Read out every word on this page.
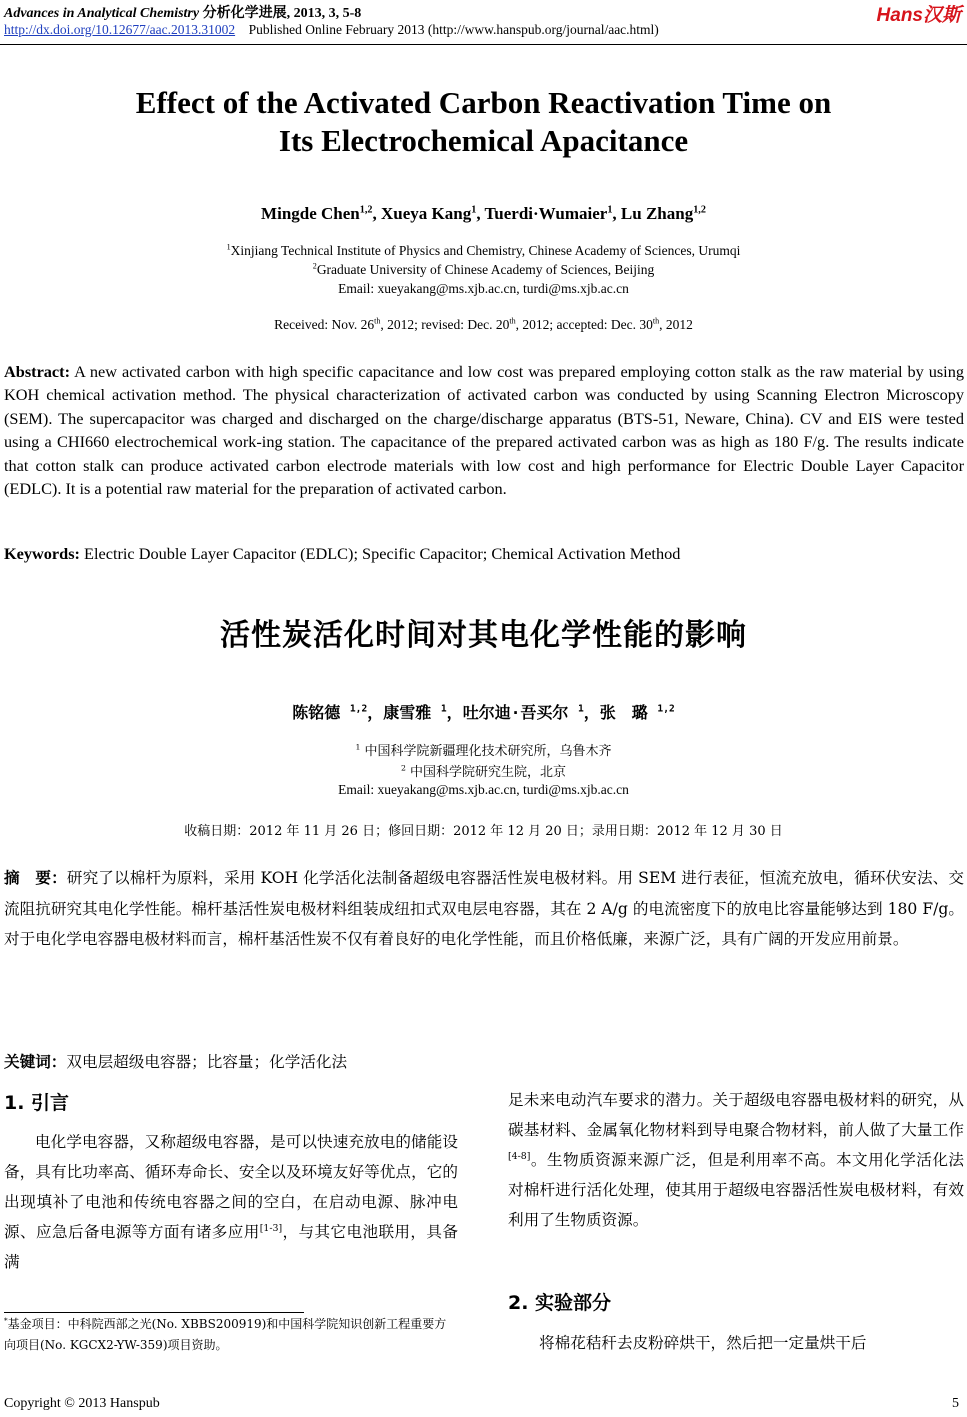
Advances in Analytical Chemistry 分析化学进展, 2013, 3, 5-8	Hans汉斯
http://dx.doi.org/10.12677/aac.2013.31002 Published Online February 2013 (http://www.hanspub.org/journal/aac.html)
Effect of the Activated Carbon Reactivation Time on
Its Electrochemical Apacitance
Mingde Chen$^{1,2}$, Xueya Kang$^1$, Tuerdi·Wumaier$^1$, Lu Zhang$^{1,2}$
$^1$Xinjiang Technical Institute of Physics and Chemistry, Chinese Academy of Sciences, Urumqi
$^2$Graduate University of Chinese Academy of Sciences, Beijing
Email: xueyakang@ms.xjb.ac.cn, turdi@ms.xjb.ac.cn
Received: Nov. 26th, 2012; revised: Dec. 20th, 2012; accepted: Dec. 30th, 2012
Abstract: A new activated carbon with high specific capacitance and low cost was prepared employing cotton stalk as the raw material by using KOH chemical activation method. The physical characterization of activated carbon was conducted by using Scanning Electron Microscopy (SEM). The supercapacitor was charged and discharged on the charge/discharge apparatus (BTS-51, Neware, China). CV and EIS were tested using a CHI660 electrochemical work-ing station. The capacitance of the prepared activated carbon was as high as 180 F/g. The results indicate that cotton stalk can produce activated carbon electrode materials with low cost and high performance for Electric Double Layer Capacitor (EDLC). It is a potential raw material for the preparation of activated carbon.
Keywords: Electric Double Layer Capacitor (EDLC); Specific Capacitor; Chemical Activation Method
活性炭活化时间对其电化学性能的影响
陈铭德 $^{1,2}$，康雪雅 $^1$，吐尔迪·吾买尔 $^1$，张　璐 $^{1,2}$
$^1$ 中国科学院新疆理化技术研究所，乌鲁木齐
$^2$ 中国科学院研究生院，北京
Email: xueyakang@ms.xjb.ac.cn, turdi@ms.xjb.ac.cn
收稿日期：2012 年 11 月 26 日；修回日期：2012 年 12 月 20 日；录用日期：2012 年 12 月 30 日
摘　要：研究了以棉杆为原料，采用 KOH 化学活化法制备超级电容器活性炭电极材料。用 SEM 进行表征，恒流充放电，循环伏安法、交流阻抗研究其电化学性能。棉杆基活性炭电极材料组装成纽扣式双电层电容器，其在 2 A/g 的电流密度下的放电比容量能够达到 180 F/g。对于电化学电容器电极材料而言，棉杆基活性炭不仅有着良好的电化学性能，而且价格低廉，来源广泛，具有广阔的开发应用前景。
关键词：双电层超级电容器；比容量；化学活化法
1. 引言
电化学电容器，又称超级电容器，是可以快速充放电的储能设备，具有比功率高、循环寿命长、安全以及环境友好等优点，它的出现填补了电池和传统电容器之间的空白，在启动电源、脉冲电源、应急后备电源等方面有诸多应用[1-3]，与其它电池联用，具备满
*基金项目：中科院西部之光(No. XBBS200919)和中国科学院知识创新工程重要方向项目(No. KGCX2-YW-359)项目资助。
足未来电动汽车要求的潜力。关于超级电容器电极材料的研究，从碳基材料、金属氧化物材料到导电聚合物材料，前人做了大量工作[4-8]。生物质资源来源广泛，但是利用率不高。本文用化学活化法对棉杆进行活化处理，使其用于超级电容器活性炭电极材料，有效利用了生物质资源。
2. 实验部分
将棉花秸秆去皮粉碎烘干，然后把一定量烘干后
Copyright © 2013 Hanspub	5
